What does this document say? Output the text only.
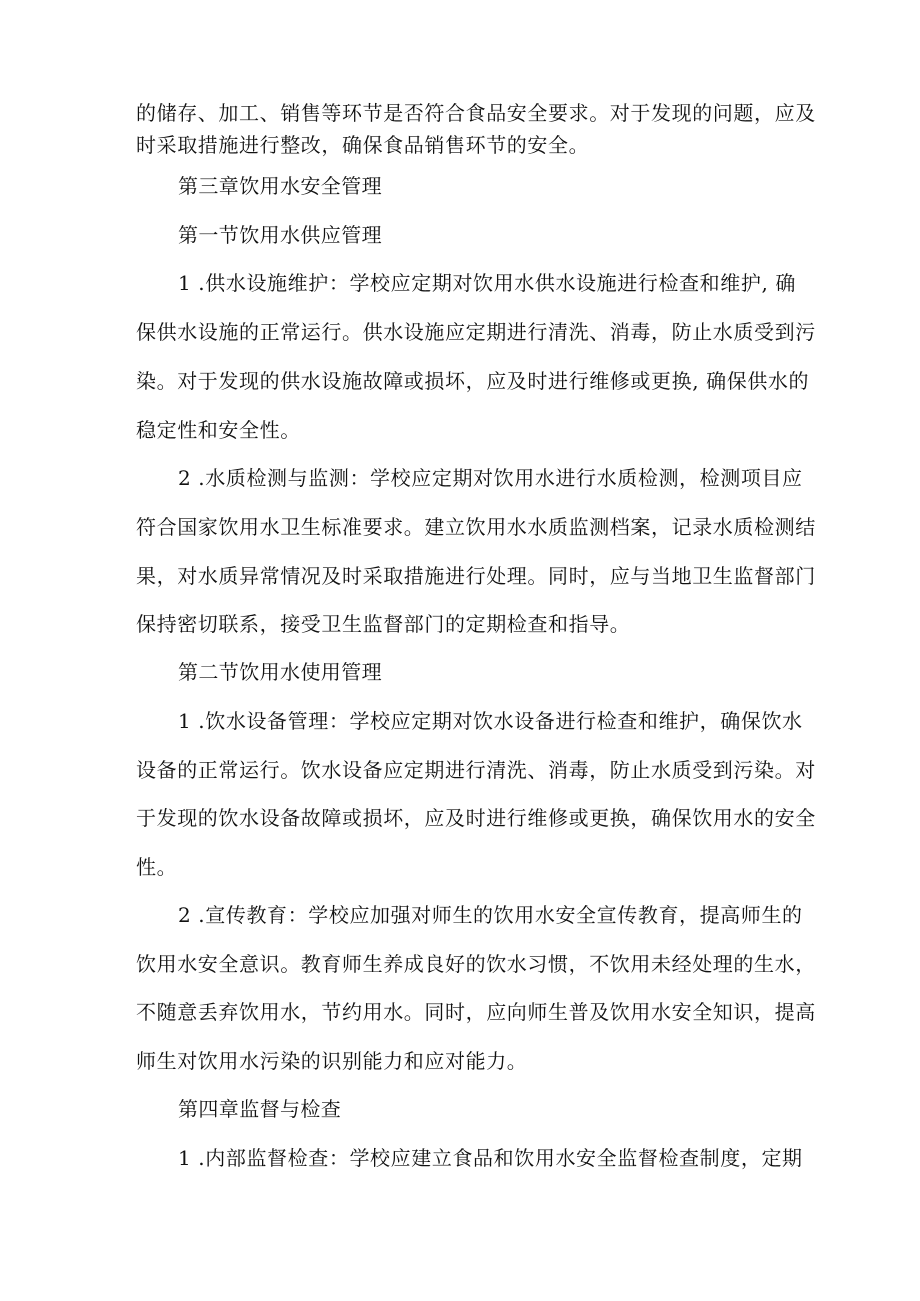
的储存、加工、销售等环节是否符合食品安全要求。对于发现的问题，应及
时采取措施进行整改，确保食品销售环节的安全。
第三章饮用水安全管理
第一节饮用水供应管理
1 .供水设施维护：学校应定期对饮用水供水设施进行检查和维护, 确
保供水设施的正常运行。供水设施应定期进行清洗、消毒，防止水质受到污
染。对于发现的供水设施故障或损坏，应及时进行维修或更换, 确保供水的
稳定性和安全性。
2 .水质检测与监测：学校应定期对饮用水进行水质检测，检测项目应
符合国家饮用水卫生标准要求。建立饮用水水质监测档案，记录水质检测结
果，对水质异常情况及时采取措施进行处理。同时，应与当地卫生监督部门
保持密切联系，接受卫生监督部门的定期检查和指导。
第二节饮用水使用管理
1 .饮水设备管理：学校应定期对饮水设备进行检查和维护，确保饮水
设备的正常运行。饮水设备应定期进行清洗、消毒，防止水质受到污染。对
于发现的饮水设备故障或损坏，应及时进行维修或更换，确保饮用水的安全
性。
2 .宣传教育：学校应加强对师生的饮用水安全宣传教育，提高师生的
饮用水安全意识。教育师生养成良好的饮水习惯，不饮用未经处理的生水，
不随意丢弃饮用水，节约用水。同时，应向师生普及饮用水安全知识，提高
师生对饮用水污染的识别能力和应对能力。
第四章监督与检查
1 .内部监督检查：学校应建立食品和饮用水安全监督检查制度，定期
